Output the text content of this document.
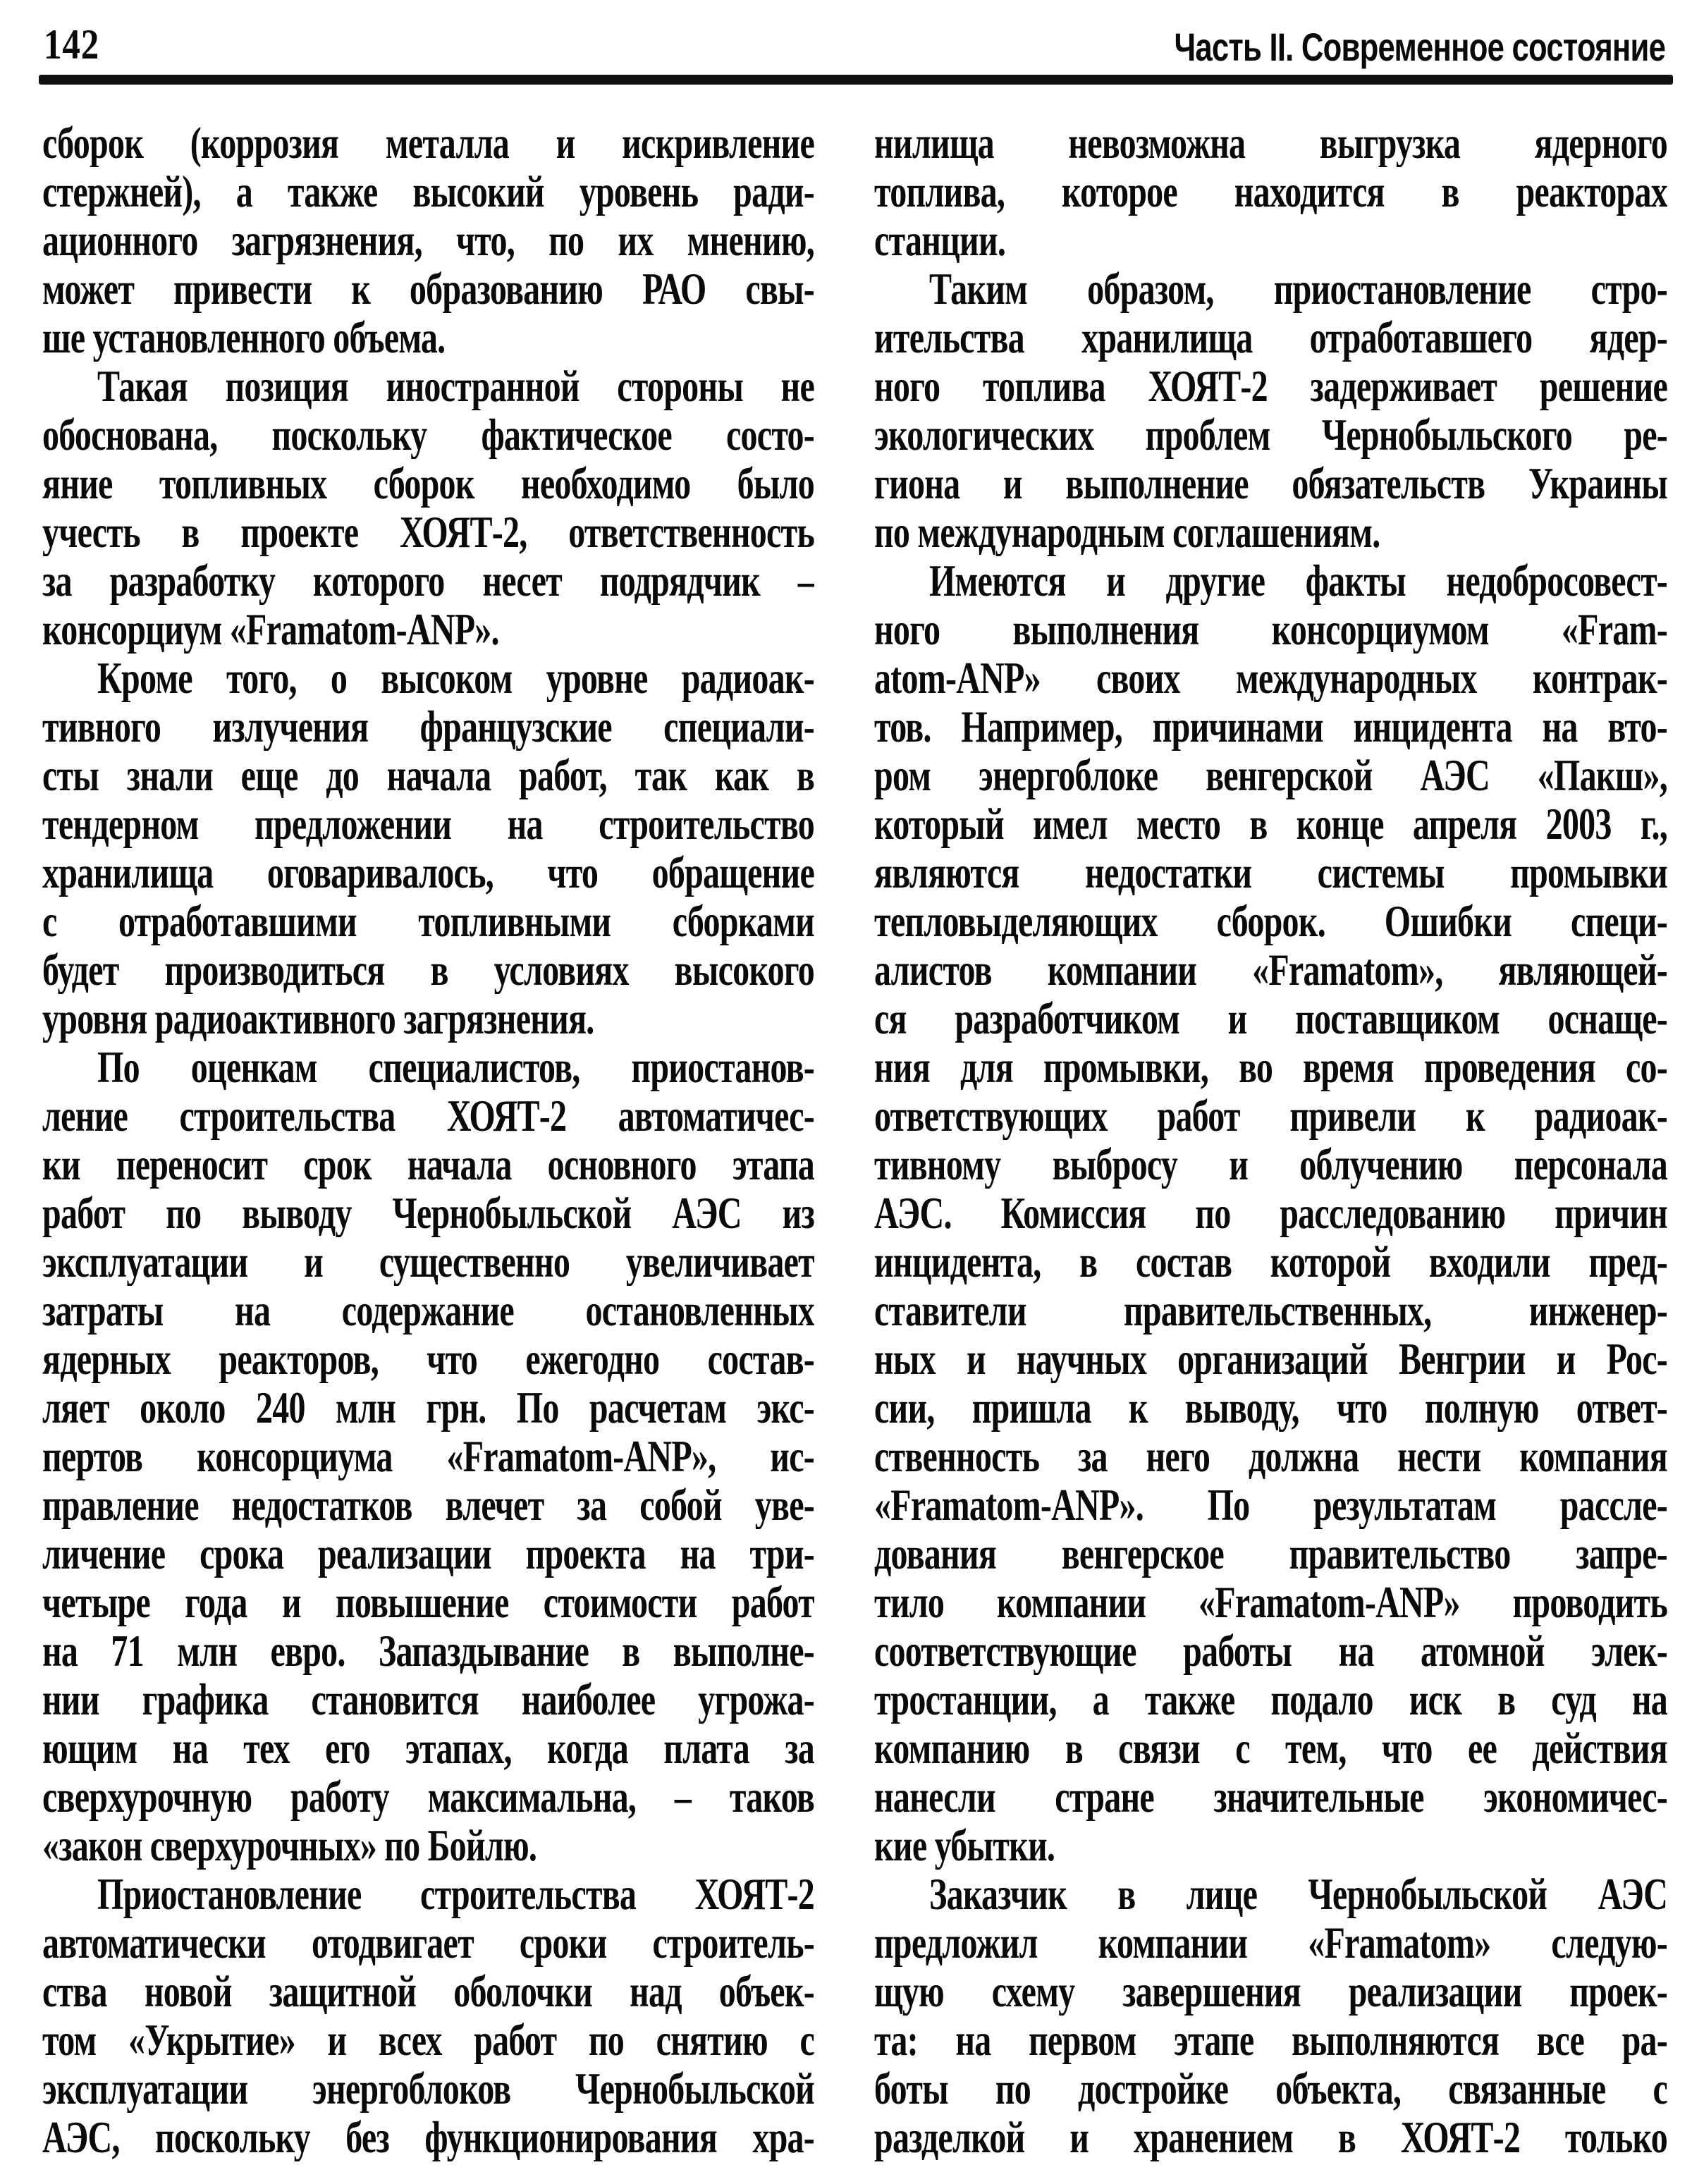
142	Часть II. Современное состояние
сборок (коррозия металла и искривление
стержней), а также высокий уровень ради-
ационного загрязнения, что, по их мнению,
может привести к образованию РАО свы-
ше установленного объема.
Такая позиция иностранной стороны не
обоснована, поскольку фактическое состо-
яние топливных сборок необходимо было
учесть в проекте ХОЯТ-2, ответственность
за разработку которого несет подрядчик –
консорциум «Framatom-ANP».
Кроме того, о высоком уровне радиоак-
тивного излучения французские специали-
сты знали еще до начала работ, так как в
тендерном предложении на строительство
хранилища оговаривалось, что обращение
с отработавшими топливными сборками
будет производиться в условиях высокого
уровня радиоактивного загрязнения.
По оценкам специалистов, приостанов-
ление строительства ХОЯТ-2 автоматичес-
ки переносит срок начала основного этапа
работ по выводу Чернобыльской АЭС из
эксплуатации и существенно увеличивает
затраты на содержание остановленных
ядерных реакторов, что ежегодно состав-
ляет около 240 млн грн. По расчетам экс-
пертов консорциума «Framatom-ANP», ис-
правление недостатков влечет за собой уве-
личение срока реализации проекта на три-
четыре года и повышение стоимости работ
на 71 млн евро. Запаздывание в выполне-
нии графика становится наиболее угрожа-
ющим на тех его этапах, когда плата за
сверхурочную работу максимальна, – таков
«закон сверхурочных» по Бойлю.
Приостановление строительства ХОЯТ-2
автоматически отодвигает сроки строитель-
ства новой защитной оболочки над объек-
том «Укрытие» и всех работ по снятию с
эксплуатации энергоблоков Чернобыльской
АЭС, поскольку без функционирования хра-
нилища невозможна выгрузка ядерного
топлива, которое находится в реакторах
станции.
Таким образом, приостановление стро-
ительства хранилища отработавшего ядер-
ного топлива ХОЯТ-2 задерживает решение
экологических проблем Чернобыльского ре-
гиона и выполнение обязательств Украины
по международным соглашениям.
Имеются и другие факты недобросовест-
ного выполнения консорциумом «Fram-
atom-ANP» своих международных контрак-
тов. Например, причинами инцидента на вто-
ром энергоблоке венгерской АЭС «Пакш»,
который имел место в конце апреля 2003 г.,
являются недостатки системы промывки
тепловыделяющих сборок. Ошибки специ-
алистов компании «Framatom», являющей-
ся разработчиком и поставщиком оснаще-
ния для промывки, во время проведения со-
ответствующих работ привели к радиоак-
тивному выбросу и облучению персонала
АЭС. Комиссия по расследованию причин
инцидента, в состав которой входили пред-
ставители правительственных, инженер-
ных и научных организаций Венгрии и Рос-
сии, пришла к выводу, что полную ответ-
ственность за него должна нести компания
«Framatom-ANP». По результатам рассле-
дования венгерское правительство запре-
тило компании «Framatom-ANP» проводить
соответствующие работы на атомной элек-
тростанции, а также подало иск в суд на
компанию в связи с тем, что ее действия
нанесли стране значительные экономичес-
кие убытки.
Заказчик в лице Чернобыльской АЭС
предложил компании «Framatom» следую-
щую схему завершения реализации проек-
та: на первом этапе выполняются все ра-
боты по достройке объекта, связанные с
разделкой и хранением в ХОЯТ-2 только
